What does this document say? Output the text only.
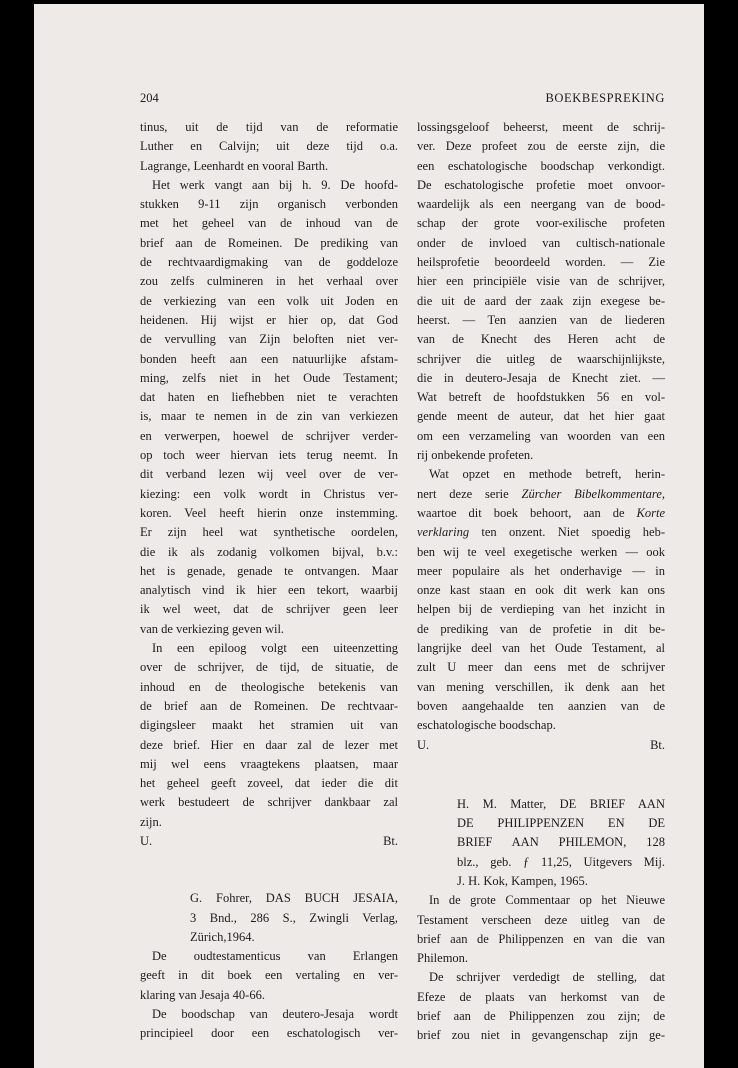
204	BOEKBESPREKING

tinus, uit de tijd van de reformatie
Luther en Calvijn; uit deze tijd o.a.
Lagrange, Leenhardt en vooral Barth.

Het werk vangt aan bij h. 9. De hoofd-
stukken 9-11 zijn organisch verbonden
met het geheel van de inhoud van de
brief aan de Romeinen. De prediking van
de rechtvaardigmaking van de goddeloze
zou zelfs culmineren in het verhaal over
de verkiezing van een volk uit Joden en
heidenen. Hij wijst er hier op, dat God
de vervulling van Zijn beloften niet ver-
bonden heeft aan een natuurlijke afstam-
ming, zelfs niet in het Oude Testament;
dat haten en liefhebben niet te verachten
is, maar te nemen in de zin van verkiezen
en verwerpen, hoewel de schrijver verder-
op toch weer hiervan iets terug neemt. In
dit verband lezen wij veel over de ver-
kiezing: een volk wordt in Christus ver-
koren. Veel heeft hierin onze instemming.
Er zijn heel wat synthetische oordelen,
die ik als zodanig volkomen bijval, b.v.:
het is genade, genade te ontvangen. Maar
analytisch vind ik hier een tekort, waarbij
ik wel weet, dat de schrijver geen leer
van de verkiezing geven wil.

In een epiloog volgt een uiteenzetting
over de schrijver, de tijd, de situatie, de
inhoud en de theologische betekenis van
de brief aan de Romeinen. De rechtvaar-
digingsleer maakt het stramien uit van
deze brief. Hier en daar zal de lezer met
mij wel eens vraagtekens plaatsen, maar
het geheel geeft zoveel, dat ieder die dit
werk bestudeert de schrijver dankbaar zal
zijn.

U.	Bt.
G. Fohrer, DAS BUCH JESAIA,
3 Bnd., 286 S., Zwingli Verlag,
Zürich,1964.

De oudtestamenticus van Erlangen
geeft in dit boek een vertaling en ver-
klaring van Jesaja 40-66.

De boodschap van deutero-Jesaja wordt
principieel door een eschatologisch ver-

lossingsgeloof beheerst, meent de schrij-
ver. Deze profeet zou de eerste zijn, die
een eschatologische boodschap verkondigt.
De eschatologische profetie moet onvoor-
waardelijk als een neergang van de bood-
schap der grote voor-exilische profeten
onder de invloed van cultisch-nationale
heilsprofetie beoordeeld worden. — Zie
hier een principiële visie van de schrijver,
die uit de aard der zaak zijn exegese be-
heerst. — Ten aanzien van de liederen
van de Knecht des Heren acht de
schrijver die uitleg de waarschijnlijkste,
die in deutero-Jesaja de Knecht ziet. —
Wat betreft de hoofdstukken 56 en vol-
gende meent de auteur, dat het hier gaat
om een verzameling van woorden van een
rij onbekende profeten.

Wat opzet en methode betreft, herin-
nert deze serie Zürcher Bibelkommentare,
waartoe dit boek behoort, aan de Korte
verklaring ten onzent. Niet spoedig heb-
ben wij te veel exegetische werken — ook
meer populaire als het onderhavige — in
onze kast staan en ook dit werk kan ons
helpen bij de verdieping van het inzicht in
de prediking van de profetie in dit be-
langrijke deel van het Oude Testament, al
zult U meer dan eens met de schrijver
van mening verschillen, ik denk aan het
boven aangehaalde ten aanzien van de
eschatologische boodschap.

U.	Bt.
H. M. Matter, DE BRIEF AAN
DE PHILIPPENZEN EN DE
BRIEF AAN PHILEMON, 128
blz., geb. ƒ 11,25, Uitgevers Mij.
J. H. Kok, Kampen, 1965.

In de grote Commentaar op het Nieuwe
Testament verscheen deze uitleg van de
brief aan de Philippenzen en van die van
Philemon.

De schrijver verdedigt de stelling, dat
Efeze de plaats van herkomst van de
brief aan de Philippenzen zou zijn; de
brief zou niet in gevangenschap zijn ge-
